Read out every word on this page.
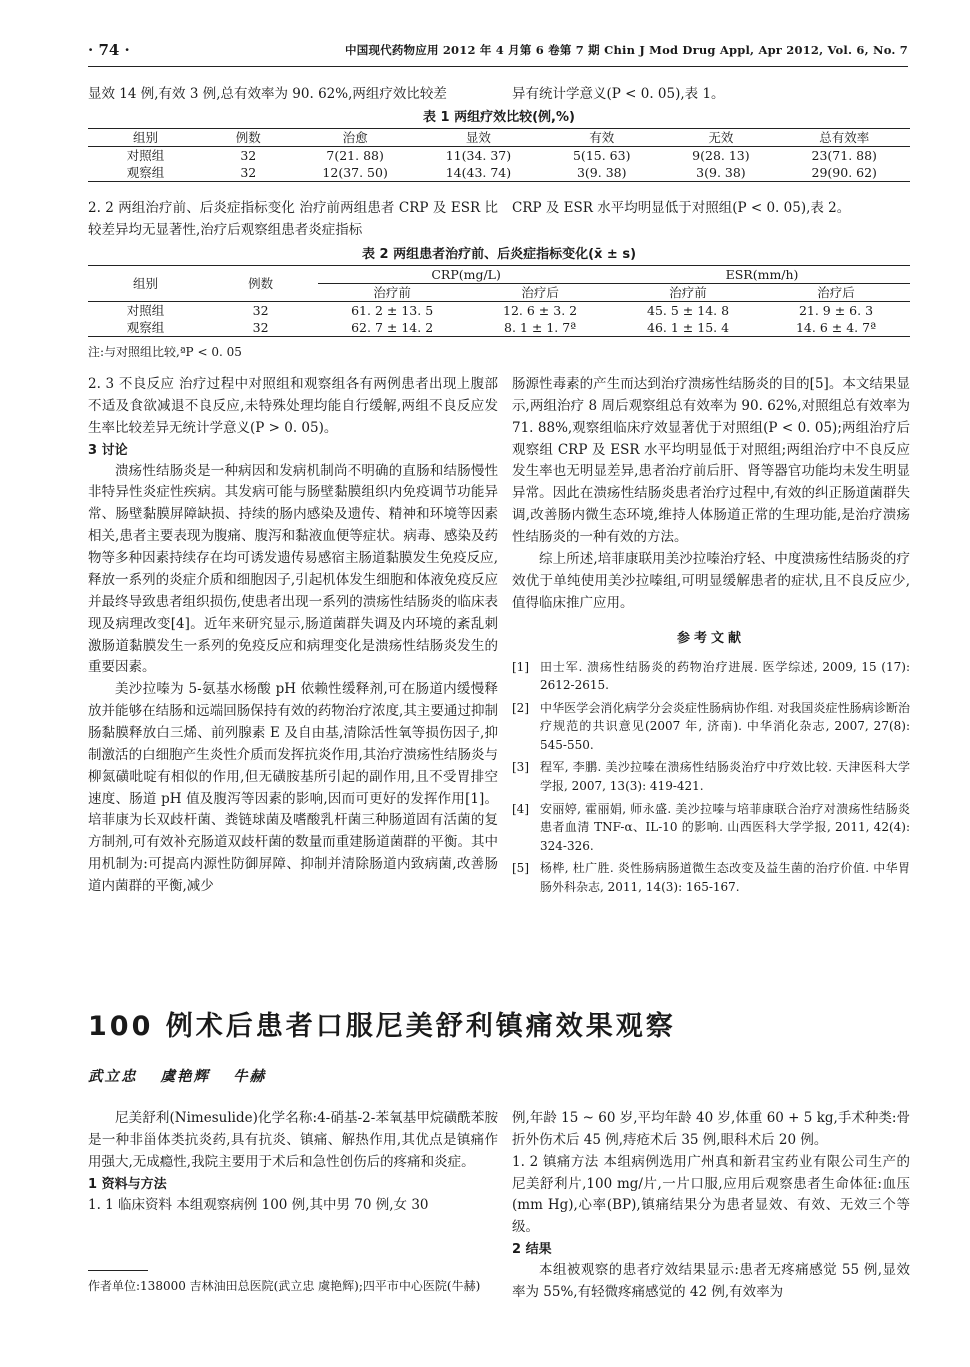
· 74 ·	中国现代药物应用 2012 年 4 月第 6 卷第 7 期 Chin J Mod Drug Appl, Apr 2012, Vol. 6, No. 7

显效 14 例,有效 3 例,总有效率为 90. 62%,两组疗效比较差	异有统计学意义(P < 0. 05),表 1。

表 1 两组疗效比较(例,%)
组别	例数	治愈	显效	有效	无效	总有效率
对照组	32	7(21. 88)	11(34. 37)	5(15. 63)	9(28. 13)	23(71. 88)
观察组	32	12(37. 50)	14(43. 74)	3(9. 38)	3(9. 38)	29(90. 62)

2. 2 两组治疗前、后炎症指标变化 治疗前两组患者 CRP 及 ESR 比较差异均无显著性,治疗后观察组患者炎症指标

CRP 及 ESR 水平均明显低于对照组(P < 0. 05),表 2。

表 2 两组患者治疗前、后炎症指标变化(x̄ ± s)
组别	例数	CRP(mg/L)		ESR(mm/h)	
		治疗前	治疗后	治疗前	治疗后
对照组	32	61. 2 ± 13. 5	12. 6 ± 3. 2	45. 5 ± 14. 8	21. 9 ± 6. 3
观察组	32	62. 7 ± 14. 2	8. 1 ± 1. 7ª	46. 1 ± 15. 4	14. 6 ± 4. 7ª
注:与对照组比较,ªP < 0. 05

2. 3 不良反应 治疗过程中对照组和观察组各有两例患者出现上腹部不适及食欲减退不良反应,未特殊处理均能自行缓解,两组不良反应发生率比较差异无统计学意义(P > 0. 05)。

3 讨论

溃疡性结肠炎是一种病因和发病机制尚不明确的直肠和结肠慢性非特异性炎症性疾病。其发病可能与肠壁黏膜组织内免疫调节功能异常、肠壁黏膜屏障缺损、持续的肠内感染及遗传、精神和环境等因素相关,患者主要表现为腹痛、腹泻和黏液血便等症状。病毒、感染及药物等多种因素持续存在均可诱发遗传易感宿主肠道黏膜发生免疫反应,释放一系列的炎症介质和细胞因子,引起机体发生细胞和体液免疫反应并最终导致患者组织损伤,使患者出现一系列的溃疡性结肠炎的临床表现及病理改变[4]。近年来研究显示,肠道菌群失调及内环境的紊乱刺激肠道黏膜发生一系列的免疫反应和病理变化是溃疡性结肠炎发生的重要因素。

美沙拉嗪为 5-氨基水杨酸 pH 依赖性缓释剂,可在肠道内缓慢释放并能够在结肠和远端回肠保持有效的药物治疗浓度,其主要通过抑制肠黏膜释放白三烯、前列腺素 E 及自由基,清除活性氧等损伤因子,抑制激活的白细胞产生炎性介质而发挥抗炎作用,其治疗溃疡性结肠炎与柳氮磺吡啶有相似的作用,但无磺胺基所引起的副作用,且不受胃排空速度、肠道 pH 值及腹泻等因素的影响,因而可更好的发挥作用[1]。培菲康为长双歧杆菌、粪链球菌及嗜酸乳杆菌三种肠道固有活菌的复方制剂,可有效补充肠道双歧杆菌的数量而重建肠道菌群的平衡。其中用机制为:可提高内源性防御屏障、抑制并清除肠道内致病菌,改善肠道内菌群的平衡,减少

肠源性毒素的产生而达到治疗溃疡性结肠炎的目的[5]。本文结果显示,两组治疗 8 周后观察组总有效率为 90. 62%,对照组总有效率为 71. 88%,观察组临床疗效显著优于对照组(P < 0. 05);两组治疗后观察组 CRP 及 ESR 水平均明显低于对照组;两组治疗中不良反应发生率也无明显差异,患者治疗前后肝、肾等器官功能均未发生明显异常。因此在溃疡性结肠炎患者治疗过程中,有效的纠正肠道菌群失调,改善肠内微生态环境,维持人体肠道正常的生理功能,是治疗溃疡性结肠炎的一种有效的方法。

综上所述,培菲康联用美沙拉嗪治疗轻、中度溃疡性结肠炎的疗效优于单纯使用美沙拉嗪组,可明显缓解患者的症状,且不良反应少,值得临床推广应用。

参考文献

[1] 田士军. 溃疡性结肠炎的药物治疗进展. 医学综述, 2009, 15 (17): 2612-2615.
[2] 中华医学会消化病学分会炎症性肠病协作组. 对我国炎症性肠病诊断治疗规范的共识意见(2007 年, 济南). 中华消化杂志, 2007, 27(8): 545-550.
[3] 程军, 李鹏. 美沙拉嗪在溃疡性结肠炎治疗中疗效比较. 天津医科大学学报, 2007, 13(3): 419-421.
[4] 安丽婷, 霍丽娟, 师永盛. 美沙拉嗪与培菲康联合治疗对溃疡性结肠炎患者血清 TNF-α、IL-10 的影响. 山西医科大学学报, 2011, 42(4): 324-326.
[5] 杨桦, 杜广胜. 炎性肠病肠道微生态改变及益生菌的治疗价值. 中华胃肠外科杂志, 2011, 14(3): 165-167.
100 例术后患者口服尼美舒利镇痛效果观察
武立忠 虞艳辉 牛赫

尼美舒利(Nimesulide)化学名称:4-硝基-2-苯氧基甲烷磺酰苯胺是一种非甾体类抗炎药,具有抗炎、镇痛、解热作用,其优点是镇痛作用强大,无成瘾性,我院主要用于术后和急性创伤后的疼痛和炎症。

1 资料与方法

1. 1 临床资料 本组观察病例 100 例,其中男 70 例,女 30

作者单位:138000 吉林油田总医院(武立忠 虞艳辉);四平市中心医院(牛赫)

例,年龄 15 ~ 60 岁,平均年龄 40 岁,体重 60 + 5 kg,手术种类:骨折外伤术后 45 例,痔疮术后 35 例,眼科术后 20 例。

1. 2 镇痛方法 本组病例选用广州真和新君宝药业有限公司生产的尼美舒利片,100 mg/片,一片口服,应用后观察患者生命体征:血压(mm Hg),心率(BP),镇痛结果分为患者显效、有效、无效三个等级。

2 结果

本组被观察的患者疗效结果显示:患者无疼痛感觉 55 例,显效率为 55%,有轻微疼痛感觉的 42 例,有效率为
